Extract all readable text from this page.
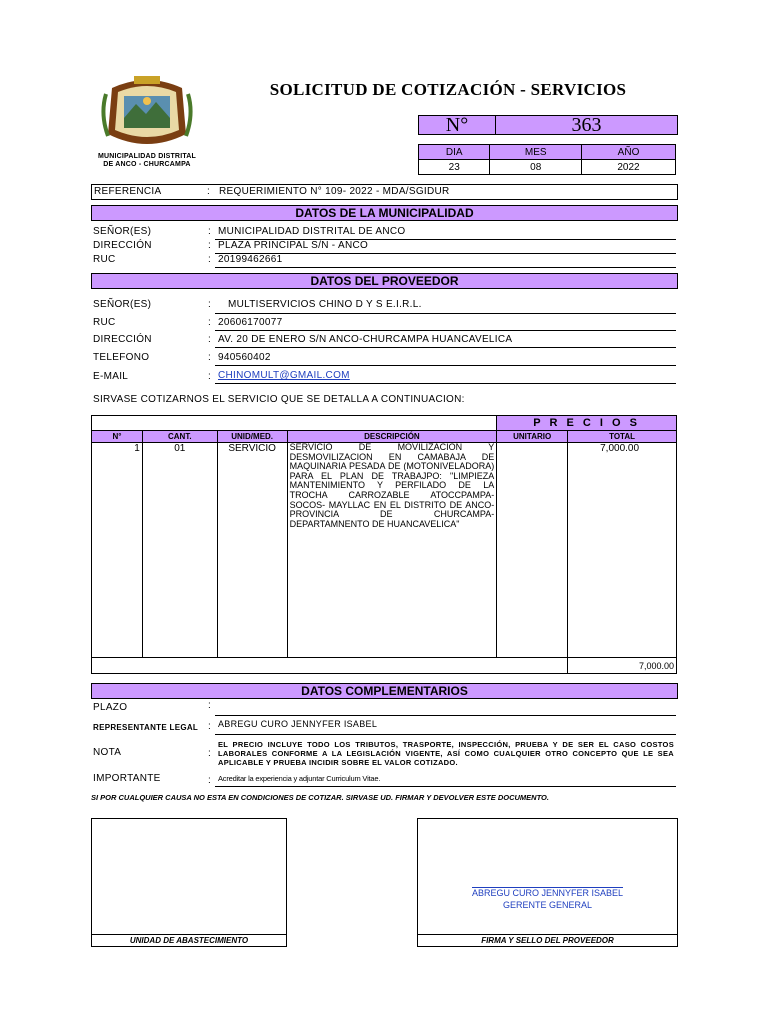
MUNICIPALIDAD DISTRITAL
DE ANCO - CHURCAMPA
SOLICITUD DE COTIZACIÓN - SERVICIOS
N°	363
DIA	MES	AÑO
23	08	2022
REFERENCIA	: REQUERIMIENTO N° 109- 2022 - MDA/SGIDUR
DATOS DE LA MUNICIPALIDAD
SEÑOR(ES)	: MUNICIPALIDAD DISTRITAL DE ANCO
DIRECCIÓN	: PLAZA PRINCIPAL S/N - ANCO
RUC	: 20199462661
DATOS DEL PROVEEDOR
SEÑOR(ES)	: MULTISERVICIOS CHINO D Y S E.I.R.L.
RUC	: 20606170077
DIRECCIÓN	: AV. 20 DE ENERO S/N ANCO-CHURCAMPA HUANCAVELICA
TELEFONO	: 940560402
E-MAIL	: CHINOMULT@GMAIL.COM
SIRVASE COTIZARNOS EL SERVICIO QUE SE DETALLA A CONTINUACION:
				P R E C I O S	
N°	CANT.	UNID/MED.	DESCRIPCIÓN	UNITARIO	TOTAL
1	01	SERVICIO	SERVICIO DE MOVILIZACION Y DESMOVILIZACION EN CAMABAJA DE MAQUINARIA PESADA DE (MOTONIVELADORA) PARA EL PLAN DE TRABAJPO: "LIMPIEZA MANTENIMIENTO Y PERFILADO DE LA TROCHA CARROZABLE ATOCCPAMPA- SOCOS- MAYLLAC EN EL DISTRITO DE ANCO- PROVINCIA DE CHURCAMPA- DEPARTAMNENTO DE HUANCAVELICA"		7,000.00
					7,000.00
DATOS COMPLEMENTARIOS
PLAZO	:
REPRESENTANTE LEGAL : ABREGU CURO JENNYFER ISABEL
NOTA	:
EL PRECIO INCLUYE TODO LOS TRIBUTOS, TRASPORTE, INSPECCIÓN, PRUEBA Y DE SER EL CASO COSTOS LABORALES CONFORME A LA LEGISLACIÓN VIGENTE, ASÍ COMO CUALQUIER OTRO CONCEPTO QUE LE SEA APLICABLE Y PRUEBA INCIDIR SOBRE EL VALOR COTIZADO.
IMPORTANTE	: Acreditar la experiencia y adjuntar Curriculum Vitae.
SI POR CUALQUIER CAUSA NO ESTA EN CONDICIONES DE COTIZAR. SIRVASE UD. FIRMAR Y DEVOLVER ESTE DOCUMENTO.
UNIDAD DE ABASTECIMIENTO
ABREGU CURO JENNYFER ISABEL
GERENTE GENERAL
FIRMA Y SELLO DEL PROVEEDOR
